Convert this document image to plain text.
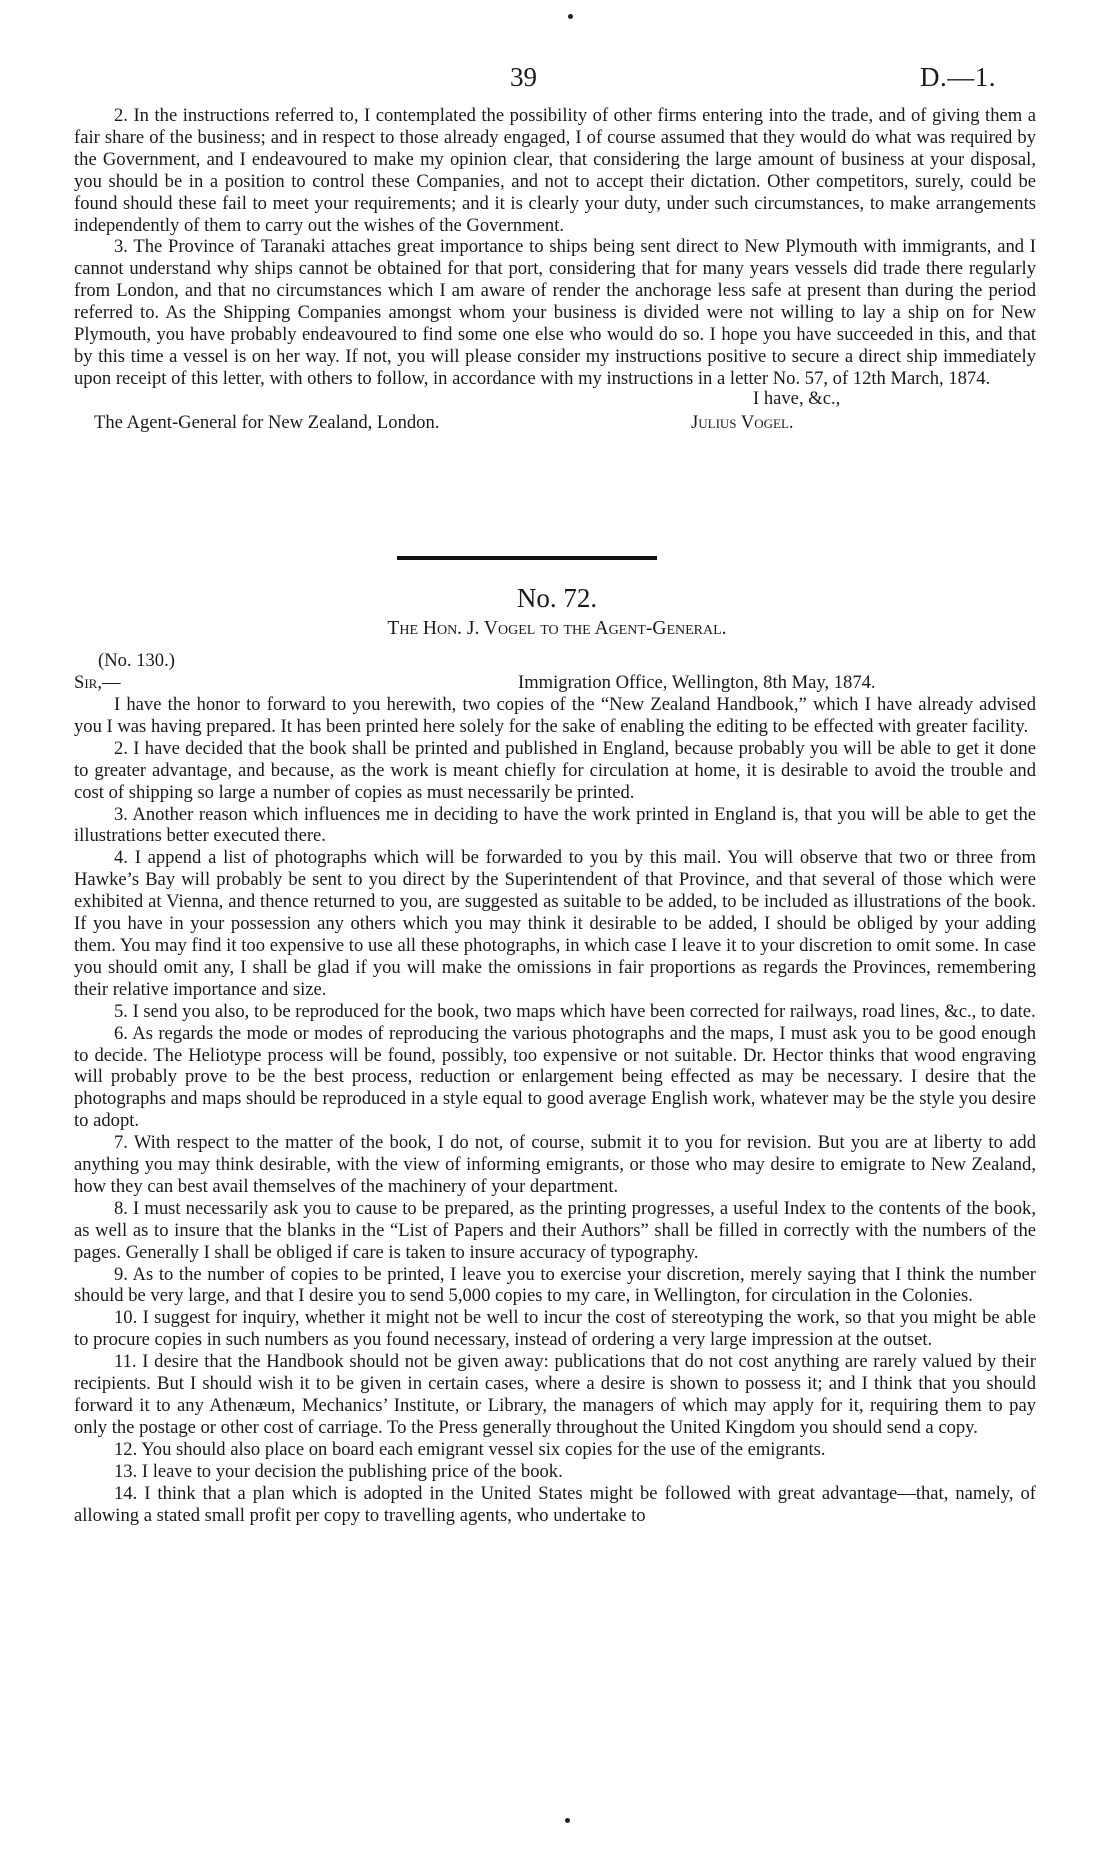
39	D.—1.

2. In the instructions referred to, I contemplated the possibility of other firms entering into the trade, and of giving them a fair share of the business; and in respect to those already engaged, I of course assumed that they would do what was required by the Government, and I endeavoured to make my opinion clear, that considering the large amount of business at your disposal, you should be in a position to control these Companies, and not to accept their dictation. Other competitors, surely, could be found should these fail to meet your requirements; and it is clearly your duty, under such circumstances, to make arrangements independently of them to carry out the wishes of the Government.

3. The Province of Taranaki attaches great importance to ships being sent direct to New Plymouth with immigrants, and I cannot understand why ships cannot be obtained for that port, considering that for many years vessels did trade there regularly from London, and that no circumstances which I am aware of render the anchorage less safe at present than during the period referred to. As the Shipping Companies amongst whom your business is divided were not willing to lay a ship on for New Plymouth, you have probably endeavoured to find some one else who would do so. I hope you have succeeded in this, and that by this time a vessel is on her way. If not, you will please consider my instructions positive to secure a direct ship immediately upon receipt of this letter, with others to follow, in accordance with my instructions in a letter No. 57, of 12th March, 1874.

I have, &c.,
The Agent-General for New Zealand, London.	Julius Vogel.
No. 72.
The Hon. J. Vogel to the Agent-General.
(No. 130.)
Sir,—	Immigration Office, Wellington, 8th May, 1874.

I have the honor to forward to you herewith, two copies of the “New Zealand Handbook,” which I have already advised you I was having prepared. It has been printed here solely for the sake of enabling the editing to be effected with greater facility.

2. I have decided that the book shall be printed and published in England, because probably you will be able to get it done to greater advantage, and because, as the work is meant chiefly for circulation at home, it is desirable to avoid the trouble and cost of shipping so large a number of copies as must necessarily be printed.

3. Another reason which influences me in deciding to have the work printed in England is, that you will be able to get the illustrations better executed there.

4. I append a list of photographs which will be forwarded to you by this mail. You will observe that two or three from Hawke’s Bay will probably be sent to you direct by the Superintendent of that Province, and that several of those which were exhibited at Vienna, and thence returned to you, are suggested as suitable to be added, to be included as illustrations of the book. If you have in your possession any others which you may think it desirable to be added, I should be obliged by your adding them. You may find it too expensive to use all these photographs, in which case I leave it to your discretion to omit some. In case you should omit any, I shall be glad if you will make the omissions in fair proportions as regards the Provinces, remembering their relative importance and size.

5. I send you also, to be reproduced for the book, two maps which have been corrected for railways, road lines, &c., to date.

6. As regards the mode or modes of reproducing the various photographs and the maps, I must ask you to be good enough to decide. The Heliotype process will be found, possibly, too expensive or not suitable. Dr. Hector thinks that wood engraving will probably prove to be the best process, reduction or enlargement being effected as may be necessary. I desire that the photographs and maps should be reproduced in a style equal to good average English work, whatever may be the style you desire to adopt.

7. With respect to the matter of the book, I do not, of course, submit it to you for revision. But you are at liberty to add anything you may think desirable, with the view of informing emigrants, or those who may desire to emigrate to New Zealand, how they can best avail themselves of the machinery of your department.

8. I must necessarily ask you to cause to be prepared, as the printing progresses, a useful Index to the contents of the book, as well as to insure that the blanks in the “List of Papers and their Authors” shall be filled in correctly with the numbers of the pages. Generally I shall be obliged if care is taken to insure accuracy of typography.

9. As to the number of copies to be printed, I leave you to exercise your discretion, merely saying that I think the number should be very large, and that I desire you to send 5,000 copies to my care, in Wellington, for circulation in the Colonies.

10. I suggest for inquiry, whether it might not be well to incur the cost of stereotyping the work, so that you might be able to procure copies in such numbers as you found necessary, instead of ordering a very large impression at the outset.

11. I desire that the Handbook should not be given away: publications that do not cost anything are rarely valued by their recipients. But I should wish it to be given in certain cases, where a desire is shown to possess it; and I think that you should forward it to any Athenæum, Mechanics’ Institute, or Library, the managers of which may apply for it, requiring them to pay only the postage or other cost of carriage. To the Press generally throughout the United Kingdom you should send a copy.

12. You should also place on board each emigrant vessel six copies for the use of the emigrants.

13. I leave to your decision the publishing price of the book.

14. I think that a plan which is adopted in the United States might be followed with great advantage—that, namely, of allowing a stated small profit per copy to travelling agents, who undertake to
